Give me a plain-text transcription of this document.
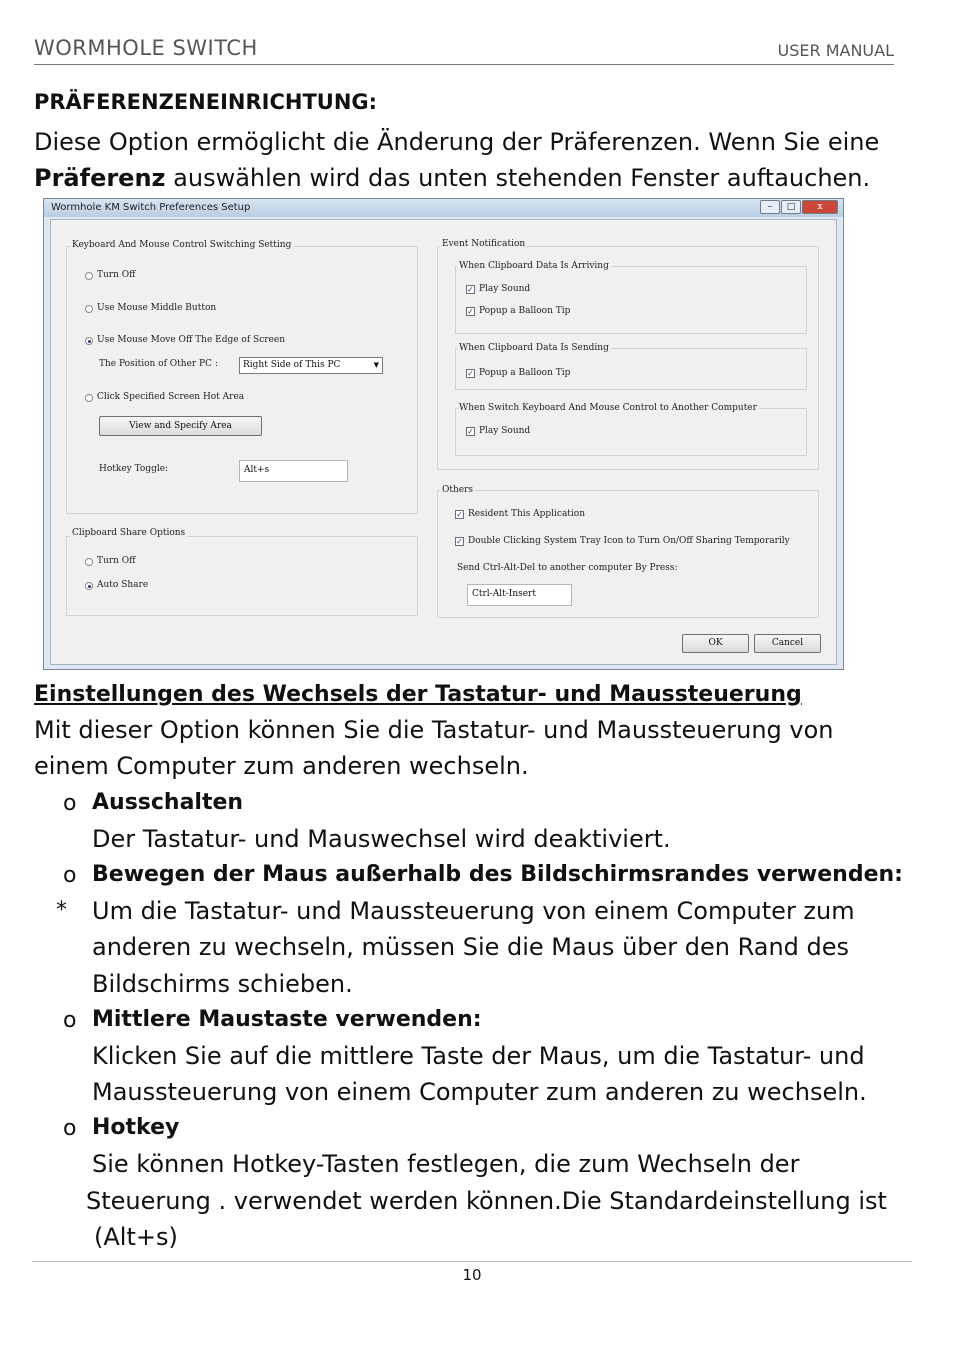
WORMHOLE SWITCH	USER MANUAL
PRÄFERENZENEINRICHTUNG:
Diese Option ermöglicht die Änderung der Präferenzen. Wenn Sie eine
Präferenz auswählen wird das unten stehenden Fenster auftauchen.
Wormhole KM Switch Preferences Setup	–	□	x
Keyboard And Mouse Control Switching Setting
Turn Off
Use Mouse Middle Button
Use Mouse Move Off The Edge of Screen
The Position of Other PC :	Right Side of This PC	▼
Click Specified Screen Hot Area
View and Specify Area
Hotkey Toggle:	Alt+s
Clipboard Share Options
Turn Off
Auto Share
Event Notification
When Clipboard Data Is Arriving
✓ Play Sound
✓ Popup a Balloon Tip
When Clipboard Data Is Sending
✓ Popup a Balloon Tip
When Switch Keyboard And Mouse Control to Another Computer
✓ Play Sound
Others
✓ Resident This Application
✓ Double Clicking System Tray Icon to Turn On/Off Sharing Temporarily
Send Ctrl-Alt-Del to another computer By Press:
Ctrl-Alt-Insert
OK	Cancel
Einstellungen des Wechsels der Tastatur- und Maussteuerung
Mit dieser Option können Sie die Tastatur- und Maussteuerung von
einem Computer zum anderen wechseln.
o Ausschalten
Der Tastatur- und Mauswechsel wird deaktiviert.
o Bewegen der Maus außerhalb des Bildschirmsrandes verwenden:
* Um die Tastatur- und Maussteuerung von einem Computer zum
anderen zu wechseln, müssen Sie die Maus über den Rand des
Bildschirms schieben.
o Mittlere Maustaste verwenden:
Klicken Sie auf die mittlere Taste der Maus, um die Tastatur- und
Maussteuerung von einem Computer zum anderen zu wechseln.
o Hotkey
Sie können Hotkey-Tasten festlegen, die zum Wechseln der
Steuerung . verwendet werden können.Die Standardeinstellung ist
(Alt+s)
10
